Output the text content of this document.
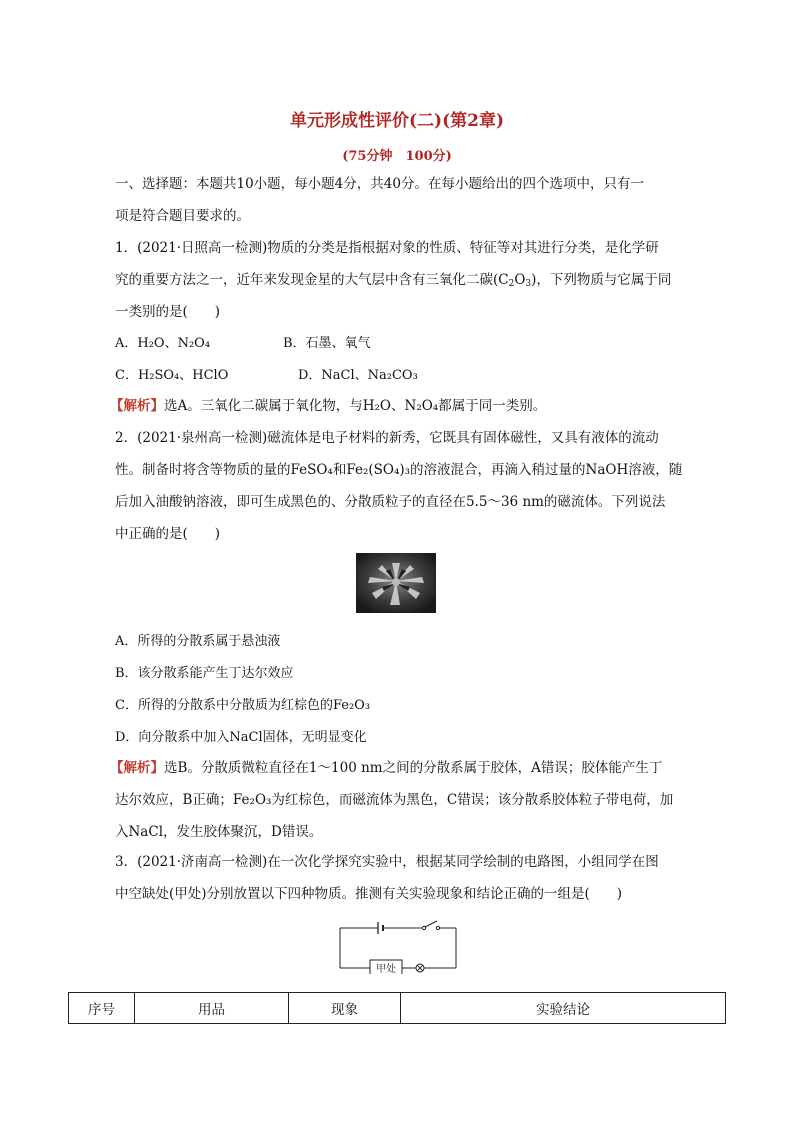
单元形成性评价(二)(第2章)
(75分钟　100分)
一、选择题：本题共10小题，每小题4分，共40分。在每小题给出的四个选项中，只有一
项是符合题目要求的。
1．(2021·日照高一检测)物质的分类是指根据对象的性质、特征等对其进行分类，是化学研
究的重要方法之一，近年来发现金星的大气层中含有三氧化二碳$(C_2O_3)$，下列物质与它属于同
一类别的是(　　)
A．H₂O、N₂O₄	B．石墨、氧气
C．H₂SO₄、HClO	D．NaCl、Na₂CO₃
【解析】选A。三氧化二碳属于氧化物，与H₂O、N₂O₄都属于同一类别。
2．(2021·泉州高一检测)磁流体是电子材料的新秀，它既具有固体磁性，又具有液体的流动
性。制备时将含等物质的量的FeSO₄和Fe₂(SO₄)₃的溶液混合，再滴入稍过量的NaOH溶液，随
后加入油酸钠溶液，即可生成黑色的、分散质粒子的直径在5.5～36 nm的磁流体。下列说法
中正确的是(　　)
A．所得的分散系属于悬浊液
B．该分散系能产生丁达尔效应
C．所得的分散系中分散质为红棕色的Fe₂O₃
D．向分散系中加入NaCl固体，无明显变化
【解析】选B。分散质微粒直径在1～100 nm之间的分散系属于胶体，A错误；胶体能产生丁
达尔效应，B正确；Fe₂O₃为红棕色，而磁流体为黑色，C错误；该分散系胶体粒子带电荷，加
入NaCl，发生胶体聚沉，D错误。
3．(2021·济南高一检测)在一次化学探究实验中，根据某同学绘制的电路图，小组同学在图
中空缺处(甲处)分别放置以下四种物质。推测有关实验现象和结论正确的一组是(　　)
甲处
序号	用品	现象	实验结论
